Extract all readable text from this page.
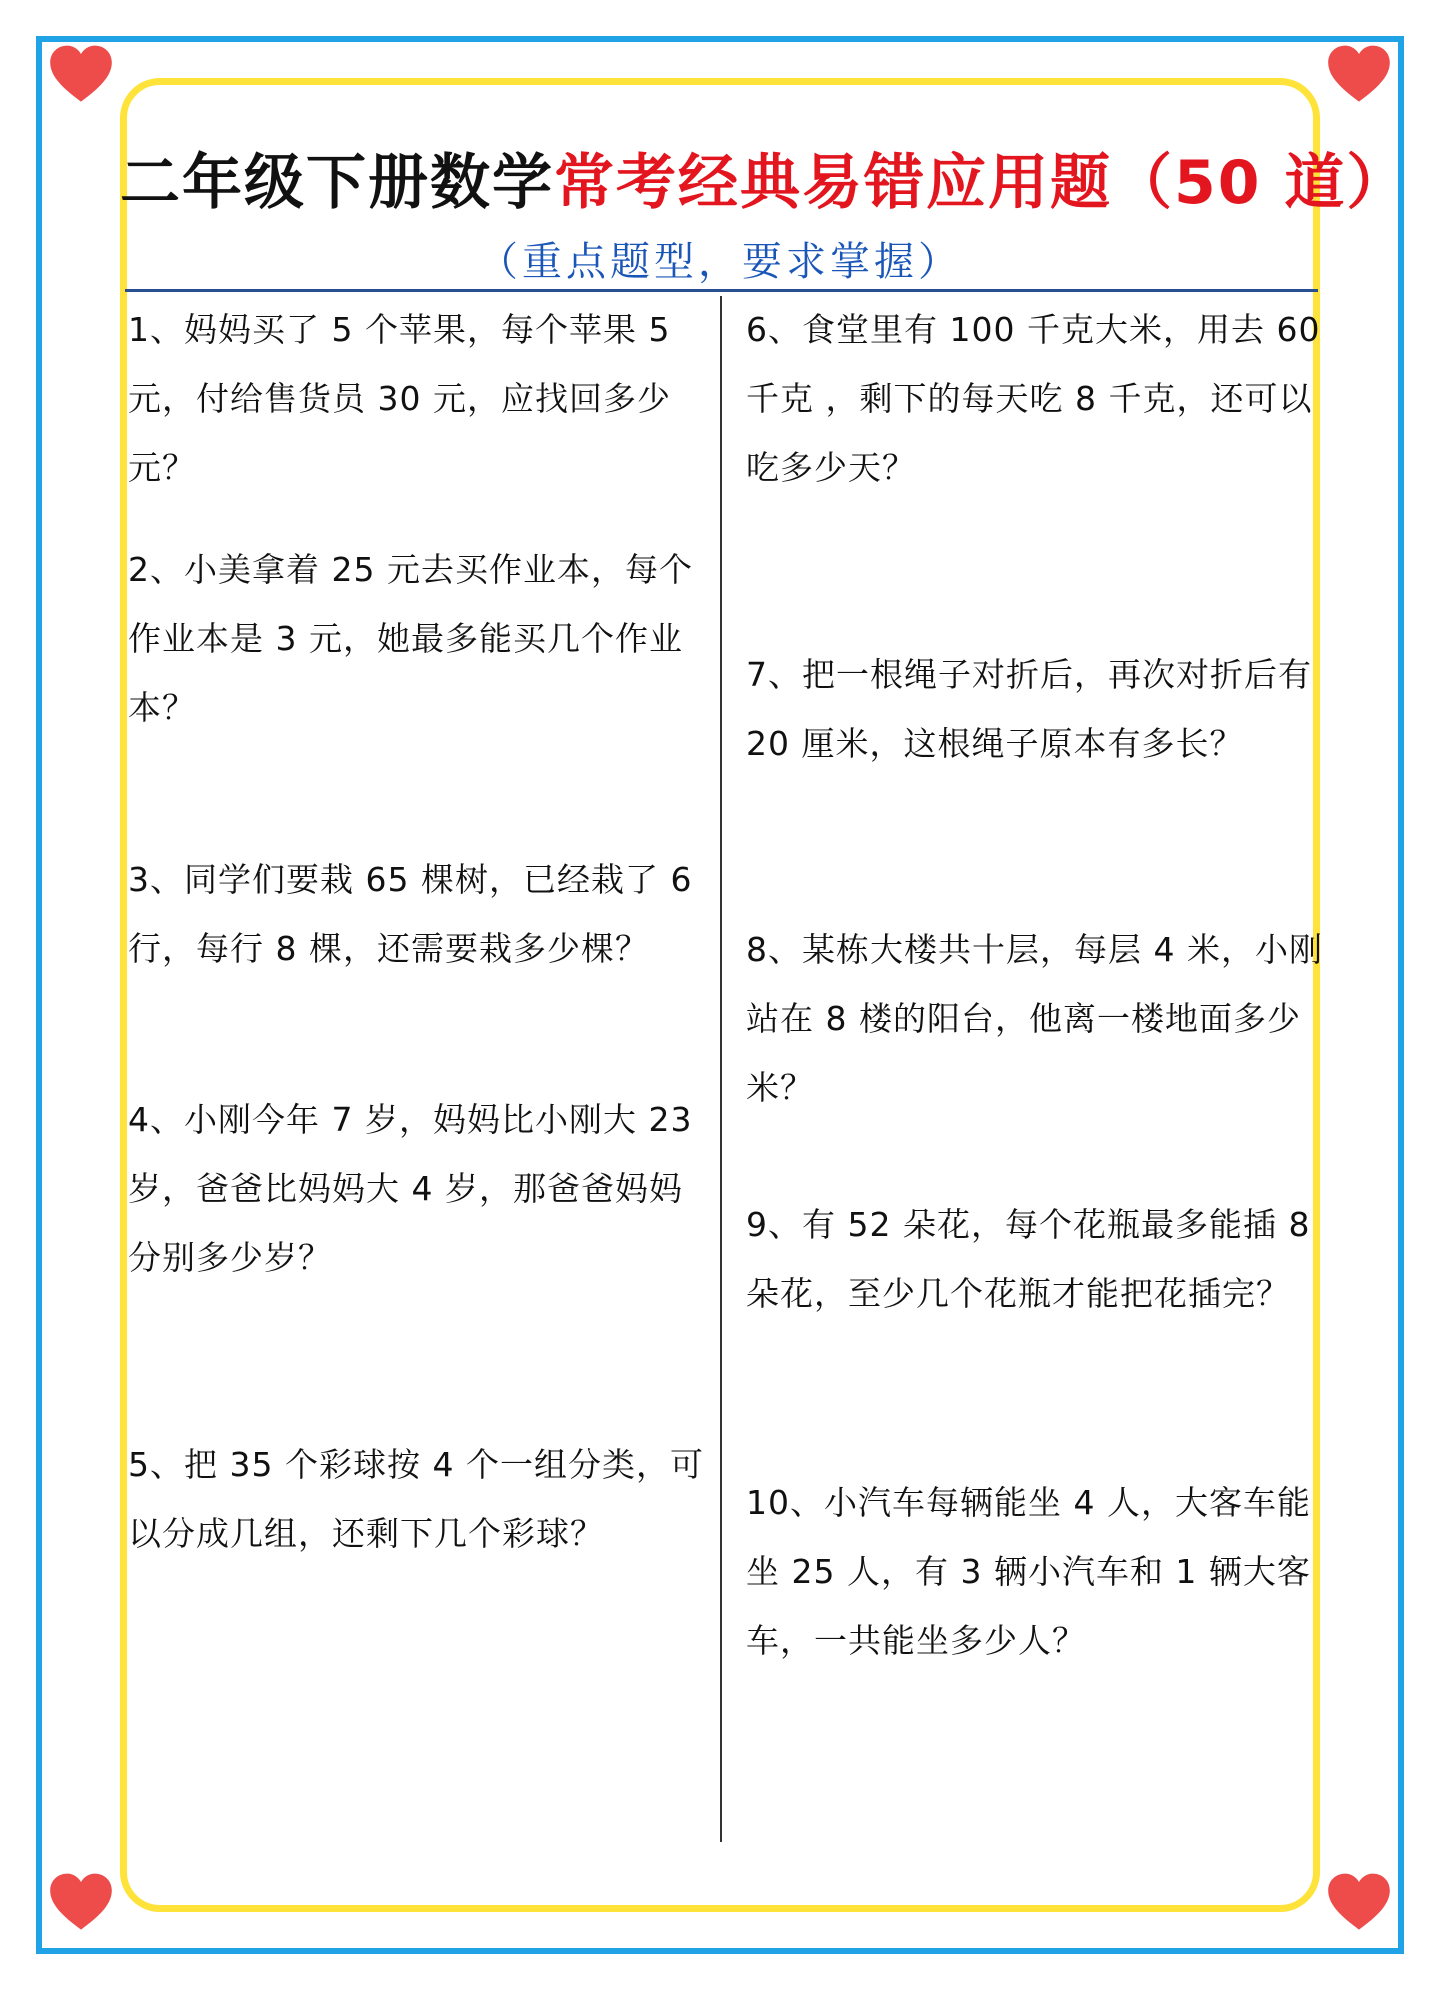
二年级下册数学常考经典易错应用题（50 道）
（重点题型，要求掌握）
1、妈妈买了 5 个苹果，每个苹果 5 元，付给售货员 30 元，应找回多少元？
2、小美拿着 25 元去买作业本，每个作业本是 3 元，她最多能买几个作业本？
3、同学们要栽 65 棵树，已经栽了 6 行，每行 8 棵，还需要栽多少棵？
4、小刚今年 7 岁，妈妈比小刚大 23 岁，爸爸比妈妈大 4 岁，那爸爸妈妈分别多少岁？
5、把 35 个彩球按 4 个一组分类，可以分成几组，还剩下几个彩球？
6、食堂里有 100 千克大米，用去 60 千克 ，剩下的每天吃 8 千克，还可以吃多少天？
7、把一根绳子对折后，再次对折后有 20 厘米，这根绳子原本有多长？
8、某栋大楼共十层，每层 4 米，小刚站在 8 楼的阳台，他离一楼地面多少米？
9、有 52 朵花，每个花瓶最多能插 8 朵花，至少几个花瓶才能把花插完？
10、小汽车每辆能坐 4 人，大客车能坐 25 人，有 3 辆小汽车和 1 辆大客车，一共能坐多少人？
